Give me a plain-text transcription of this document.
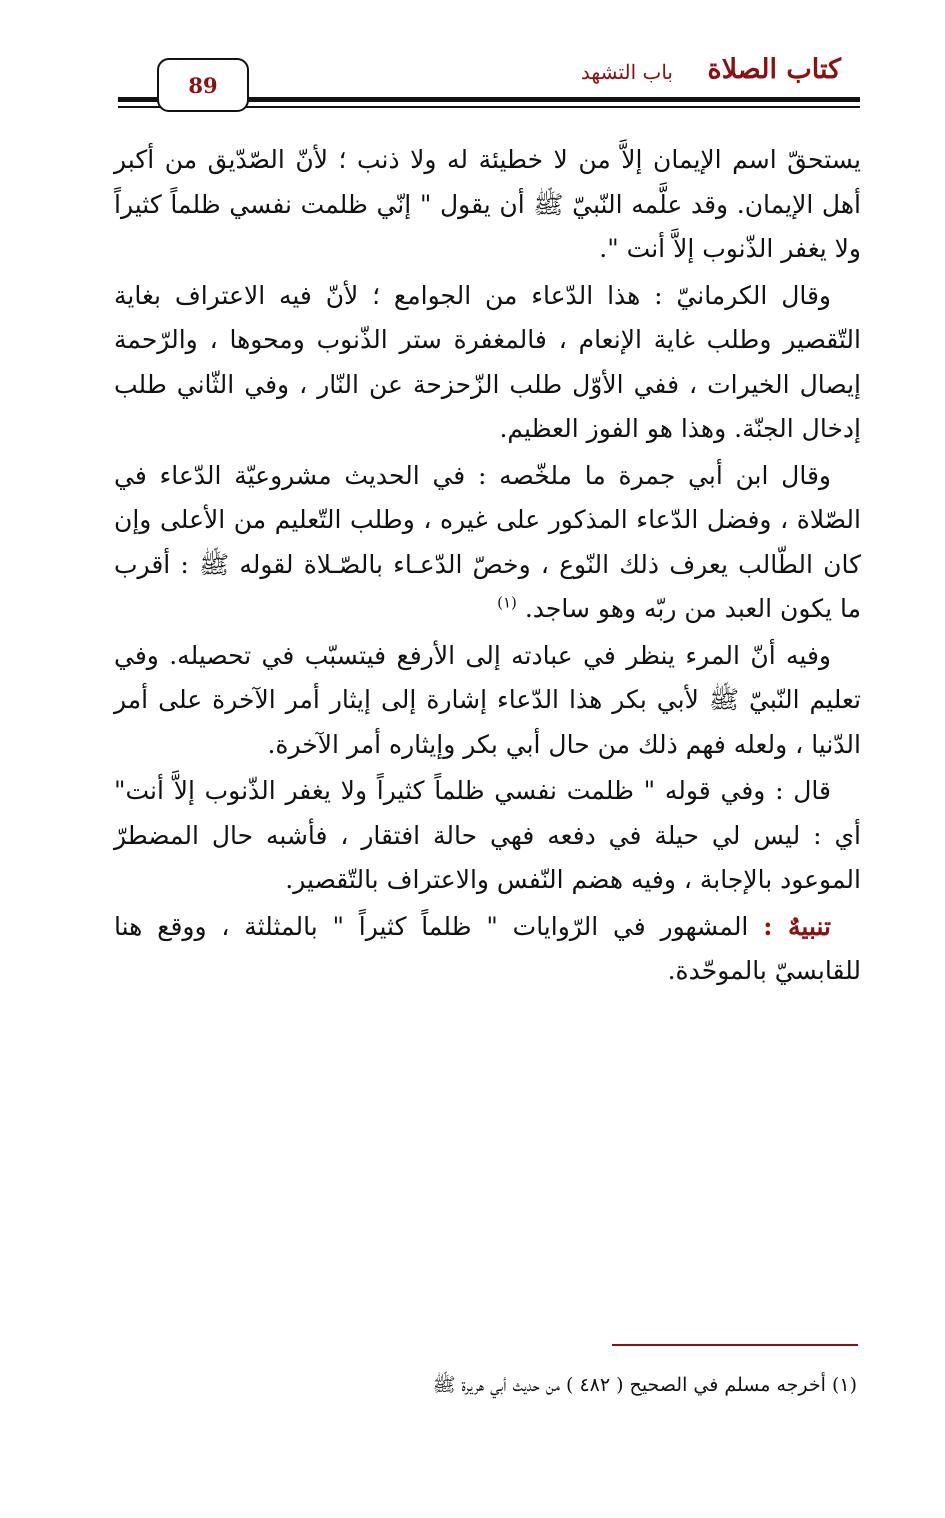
كتاب الصلاة
باب التشهد
89

يستحقّ اسم الإيمان إلاَّ من لا خطيئة له ولا ذنب ؛ لأنّ الصّدّيق من أكبر أهل الإيمان. وقد علَّمه النّبيّ ﷺ أن يقول " إنّي ظلمت نفسي ظلماً كثيراً ولا يغفر الذّنوب إلاَّ أنت ".

وقال الكرمانيّ : هذا الدّعاء من الجوامع ؛ لأنّ فيه الاعتراف بغاية التّقصير وطلب غاية الإنعام ، فالمغفرة ستر الذّنوب ومحوها ، والرّحمة إيصال الخيرات ، ففي الأوّل طلب الزّحزحة عن النّار ، وفي الثّاني طلب إدخال الجنّة. وهذا هو الفوز العظيم.

وقال ابن أبي جمرة ما ملخّصه : في الحديث مشروعيّة الدّعاء في الصّلاة ، وفضل الدّعاء المذكور على غيره ، وطلب التّعليم من الأعلى وإن كان الطّالب يعرف ذلك النّوع ، وخصّ الدّعـاء بالصّـلاة لقوله ﷺ : أقرب ما يكون العبد من ربّه وهو ساجد. $^{(١)}$

وفيه أنّ المرء ينظر في عبادته إلى الأرفع فيتسبّب في تحصيله. وفي تعليم النّبيّ ﷺ لأبي بكر هذا الدّعاء إشارة إلى إيثار أمر الآخرة على أمر الدّنيا ، ولعله فهم ذلك من حال أبي بكر وإيثاره أمر الآخرة.

قال : وفي قوله " ظلمت نفسي ظلماً كثيراً ولا يغفر الذّنوب إلاَّ أنت" أي : ليس لي حيلة في دفعه فهي حالة افتقار ، فأشبه حال المضطرّ الموعود بالإجابة ، وفيه هضم النّفس والاعتراف بالتّقصير.

تنبيهٌ : المشهور في الرّوايات " ظلماً كثيراً " بالمثلثة ، ووقع هنا للقابسيّ بالموحّدة.

(١) أخرجه مسلم في الصحيح ( ٤٨٢ ) من حديث أبي هريرة ﷺ
